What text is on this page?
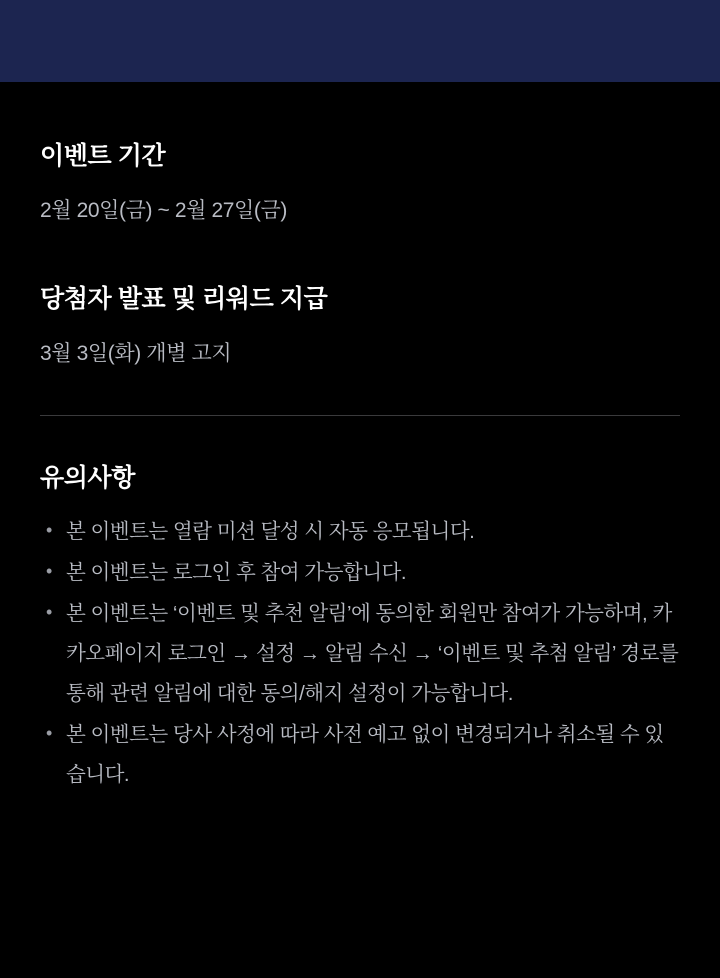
이벤트 기간

2월 20일(금) ~ 2월 27일(금)

당첨자 발표 및 리워드 지급

3월 3일(화) 개별 고지

유의사항
• 본 이벤트는 열람 미션 달성 시 자동 응모됩니다.
• 본 이벤트는 로그인 후 참여 가능합니다.
• 본 이벤트는 ‘이벤트 및 추천 알림’에 동의한 회원만 참여가 가능하며, 카카오페이지 로그인 → 설정 → 알림 수신 → ‘이벤트 및 추첨 알림’ 경로를 통해 관련 알림에 대한 동의/해지 설정이 가능합니다.
• 본 이벤트는 당사 사정에 따라 사전 예고 없이 변경되거나 취소될 수 있습니다.
